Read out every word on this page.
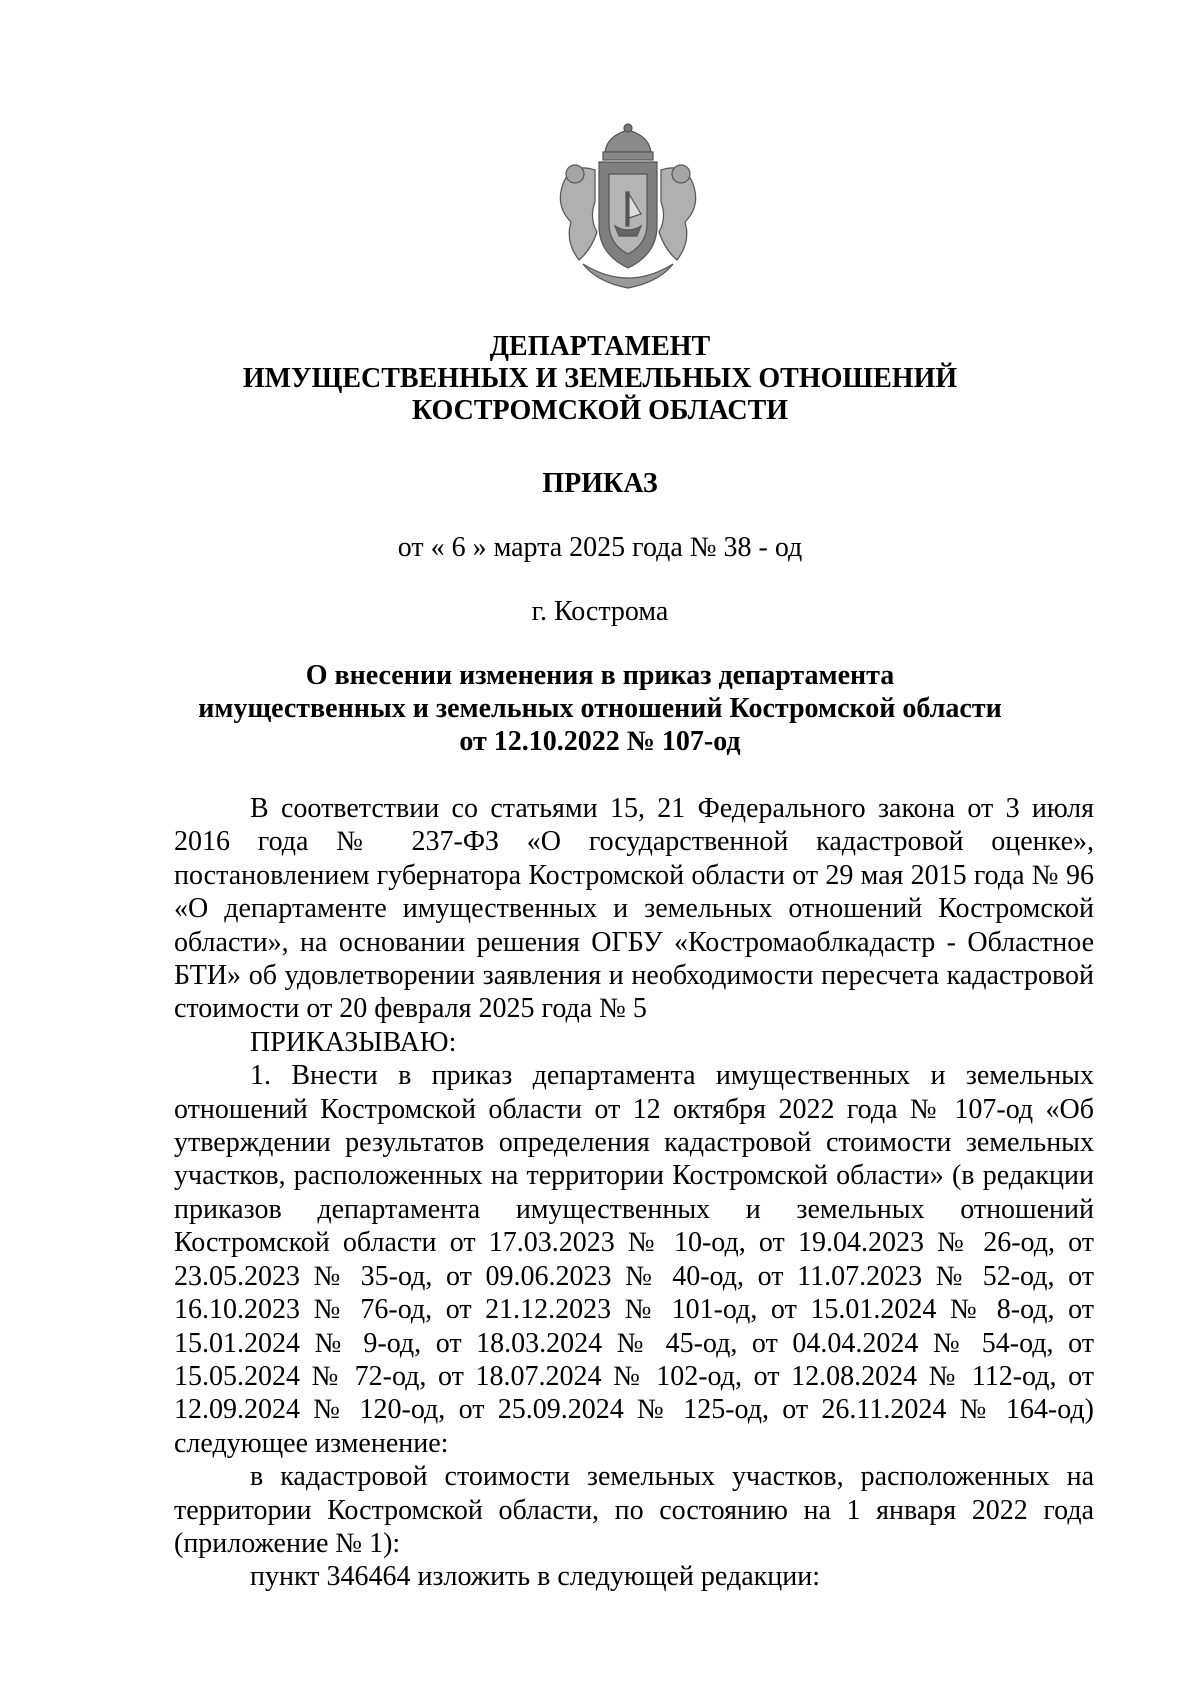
ДЕПАРТАМЕНТ
ИМУЩЕСТВЕННЫХ И ЗЕМЕЛЬНЫХ ОТНОШЕНИЙ
КОСТРОМСКОЙ ОБЛАСТИ
ПРИКАЗ
от « 6 » марта 2025 года № 38 - од
г. Кострома
О внесении изменения в приказ департамента
имущественных и земельных отношений Костромской области
от 12.10.2022 № 107-од

В соответствии со статьями 15, 21 Федерального закона от 3 июля 2016 года № 237-ФЗ «О государственной кадастровой оценке», постановлением губернатора Костромской области от 29 мая 2015 года № 96 «О департаменте имущественных и земельных отношений Костромской области», на основании решения ОГБУ «Костромаоблкадастр - Областное БТИ» об удовлетворении заявления и необходимости пересчета кадастровой стоимости от 20 февраля 2025 года № 5

ПРИКАЗЫВАЮ:

1. Внести в приказ департамента имущественных и земельных отношений Костромской области от 12 октября 2022 года № 107-од «Об утверждении результатов определения кадастровой стоимости земельных участков, расположенных на территории Костромской области» (в редакции приказов департамента имущественных и земельных отношений Костромской области от 17.03.2023 № 10-од, от 19.04.2023 № 26-од, от 23.05.2023 № 35-од, от 09.06.2023 № 40-од, от 11.07.2023 № 52-од, от 16.10.2023 № 76-од, от 21.12.2023 № 101-од, от 15.01.2024 № 8-од, от 15.01.2024 № 9-од, от 18.03.2024 № 45-од, от 04.04.2024 № 54-од, от 15.05.2024 № 72-од, от 18.07.2024 № 102-од, от 12.08.2024 № 112-од, от 12.09.2024 № 120-од, от 25.09.2024 № 125-од, от 26.11.2024 № 164-од) следующее изменение:

в кадастровой стоимости земельных участков, расположенных на территории Костромской области, по состоянию на 1 января 2022 года (приложение № 1):

пункт 346464 изложить в следующей редакции:
